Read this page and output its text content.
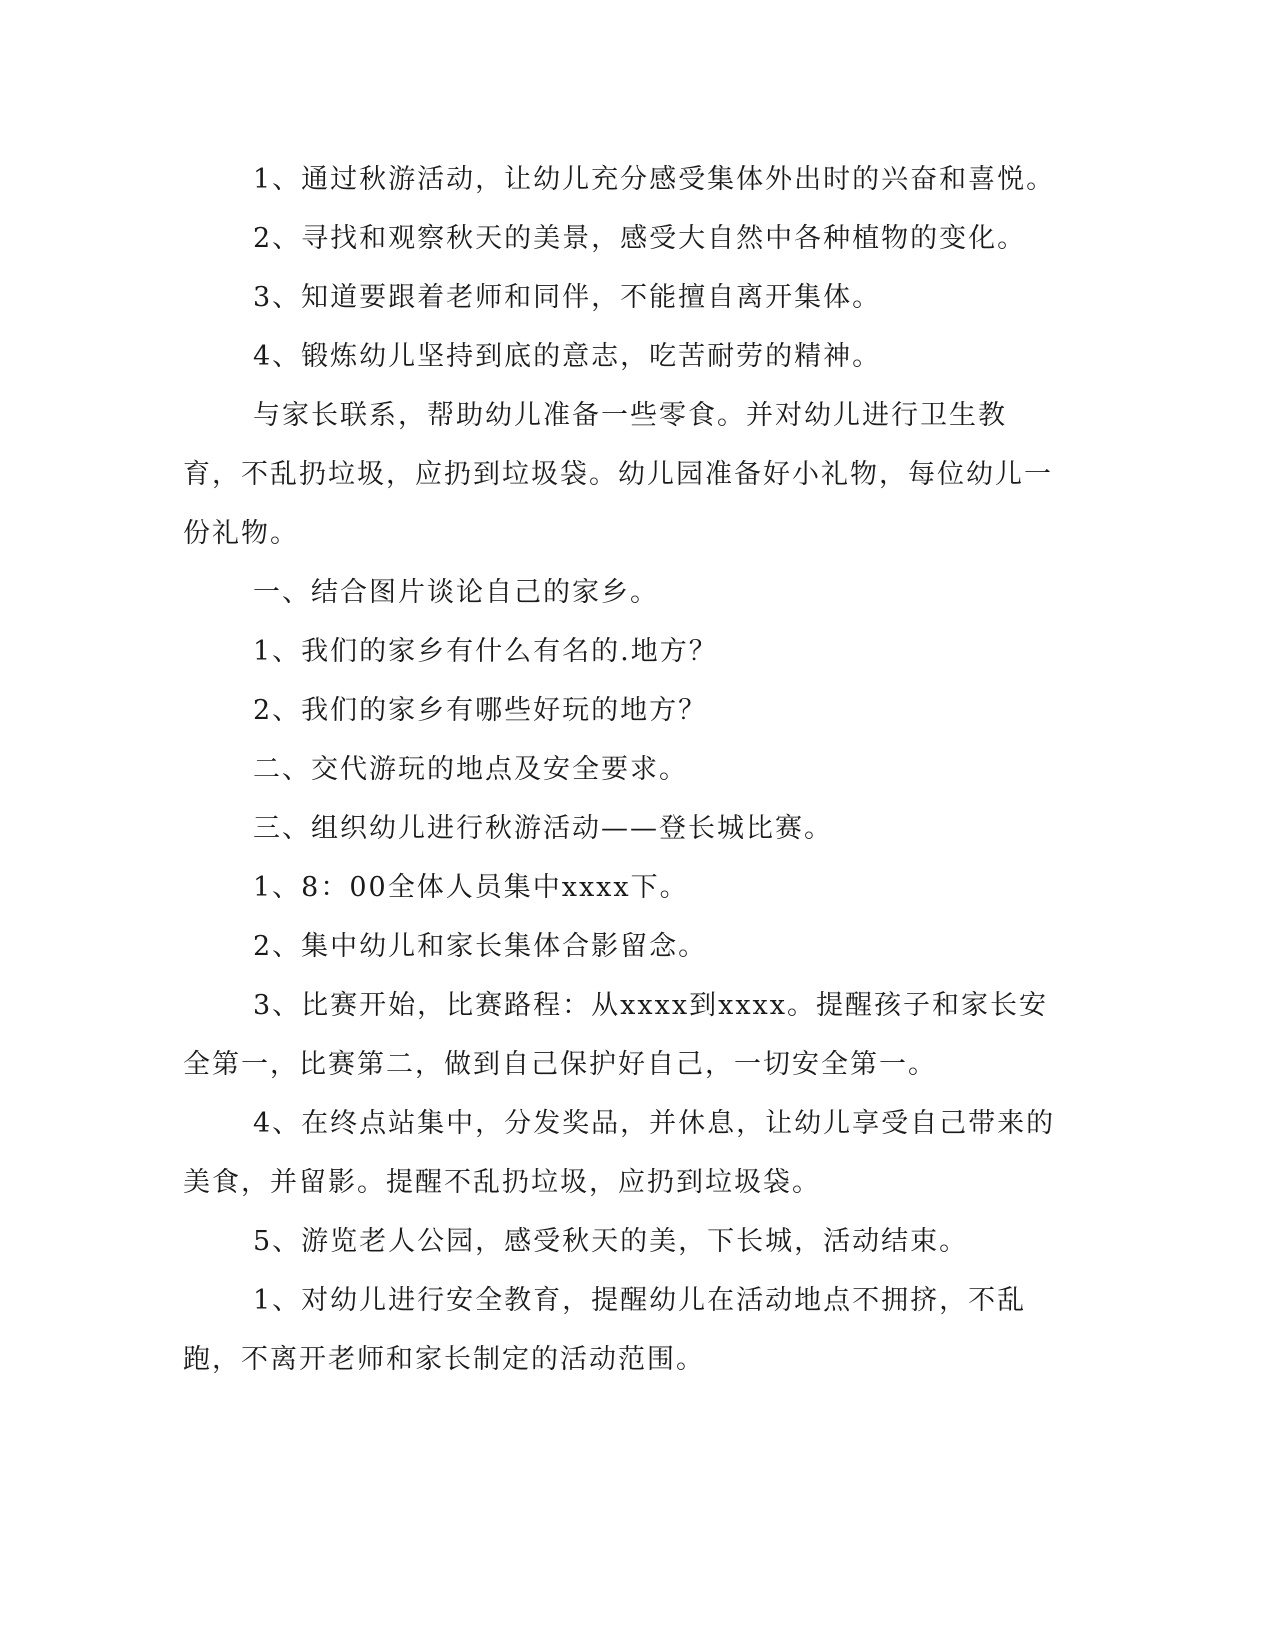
1、通过秋游活动，让幼儿充分感受集体外出时的兴奋和喜悦。

2、寻找和观察秋天的美景，感受大自然中各种植物的变化。

3、知道要跟着老师和同伴，不能擅自离开集体。

4、锻炼幼儿坚持到底的意志，吃苦耐劳的精神。

与家长联系，帮助幼儿准备一些零食。并对幼儿进行卫生教育，不乱扔垃圾，应扔到垃圾袋。幼儿园准备好小礼物，每位幼儿一份礼物。

一、结合图片谈论自己的家乡。

1、我们的家乡有什么有名的.地方？

2、我们的家乡有哪些好玩的地方？

二、交代游玩的地点及安全要求。

三、组织幼儿进行秋游活动——登长城比赛。

1、8：00全体人员集中xxxx下。

2、集中幼儿和家长集体合影留念。

3、比赛开始，比赛路程：从xxxx到xxxx。提醒孩子和家长安全第一，比赛第二，做到自己保护好自己，一切安全第一。

4、在终点站集中，分发奖品，并休息，让幼儿享受自己带来的美食，并留影。提醒不乱扔垃圾，应扔到垃圾袋。

5、游览老人公园，感受秋天的美，下长城，活动结束。

1、对幼儿进行安全教育，提醒幼儿在活动地点不拥挤，不乱跑，不离开老师和家长制定的活动范围。
